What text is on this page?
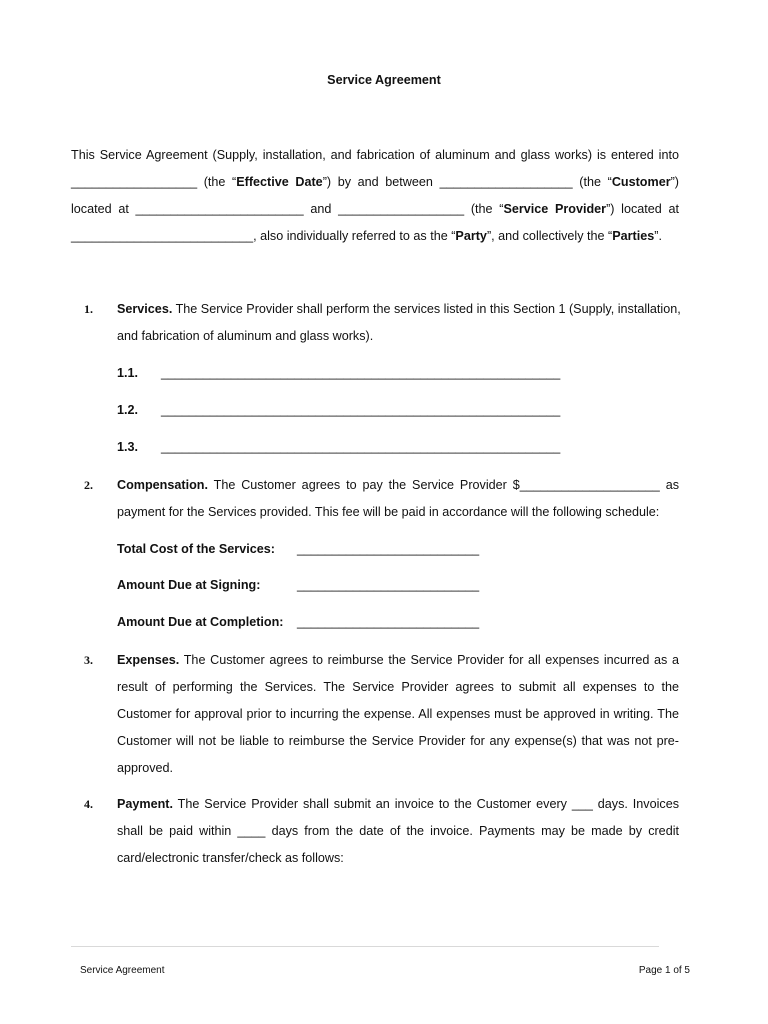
Service Agreement
This Service Agreement (Supply, installation, and fabrication of aluminum and glass works) is entered into
__________________ (the “Effective Date”) by and between ___________________ (the “Customer”)
located at ________________________ and __________________ (the “Service Provider”) located at
__________________________, also individually referred to as the “Party”, and collectively the “Parties”.
1. Services. The Service Provider shall perform the services listed in this Section 1 (Supply, installation,
and fabrication of aluminum and glass works).
1.1. _________________________________________________________
1.2. _________________________________________________________
1.3. _________________________________________________________
2. Compensation. The Customer agrees to pay the Service Provider $____________________ as
payment for the Services provided. This fee will be paid in accordance will the following schedule:
Total Cost of the Services: __________________________
Amount Due at Signing:	__________________________
Amount Due at Completion: __________________________
3. Expenses. The Customer agrees to reimburse the Service Provider for all expenses incurred as a
result of performing the Services. The Service Provider agrees to submit all expenses to the
Customer for approval prior to incurring the expense. All expenses must be approved in writing. The
Customer will not be liable to reimburse the Service Provider for any expense(s) that was not pre-
approved.
4. Payment. The Service Provider shall submit an invoice to the Customer every ___ days. Invoices
shall be paid within ____ days from the date of the invoice. Payments may be made by credit
card/electronic transfer/check as follows:
Service Agreement	Page 1 of 5
